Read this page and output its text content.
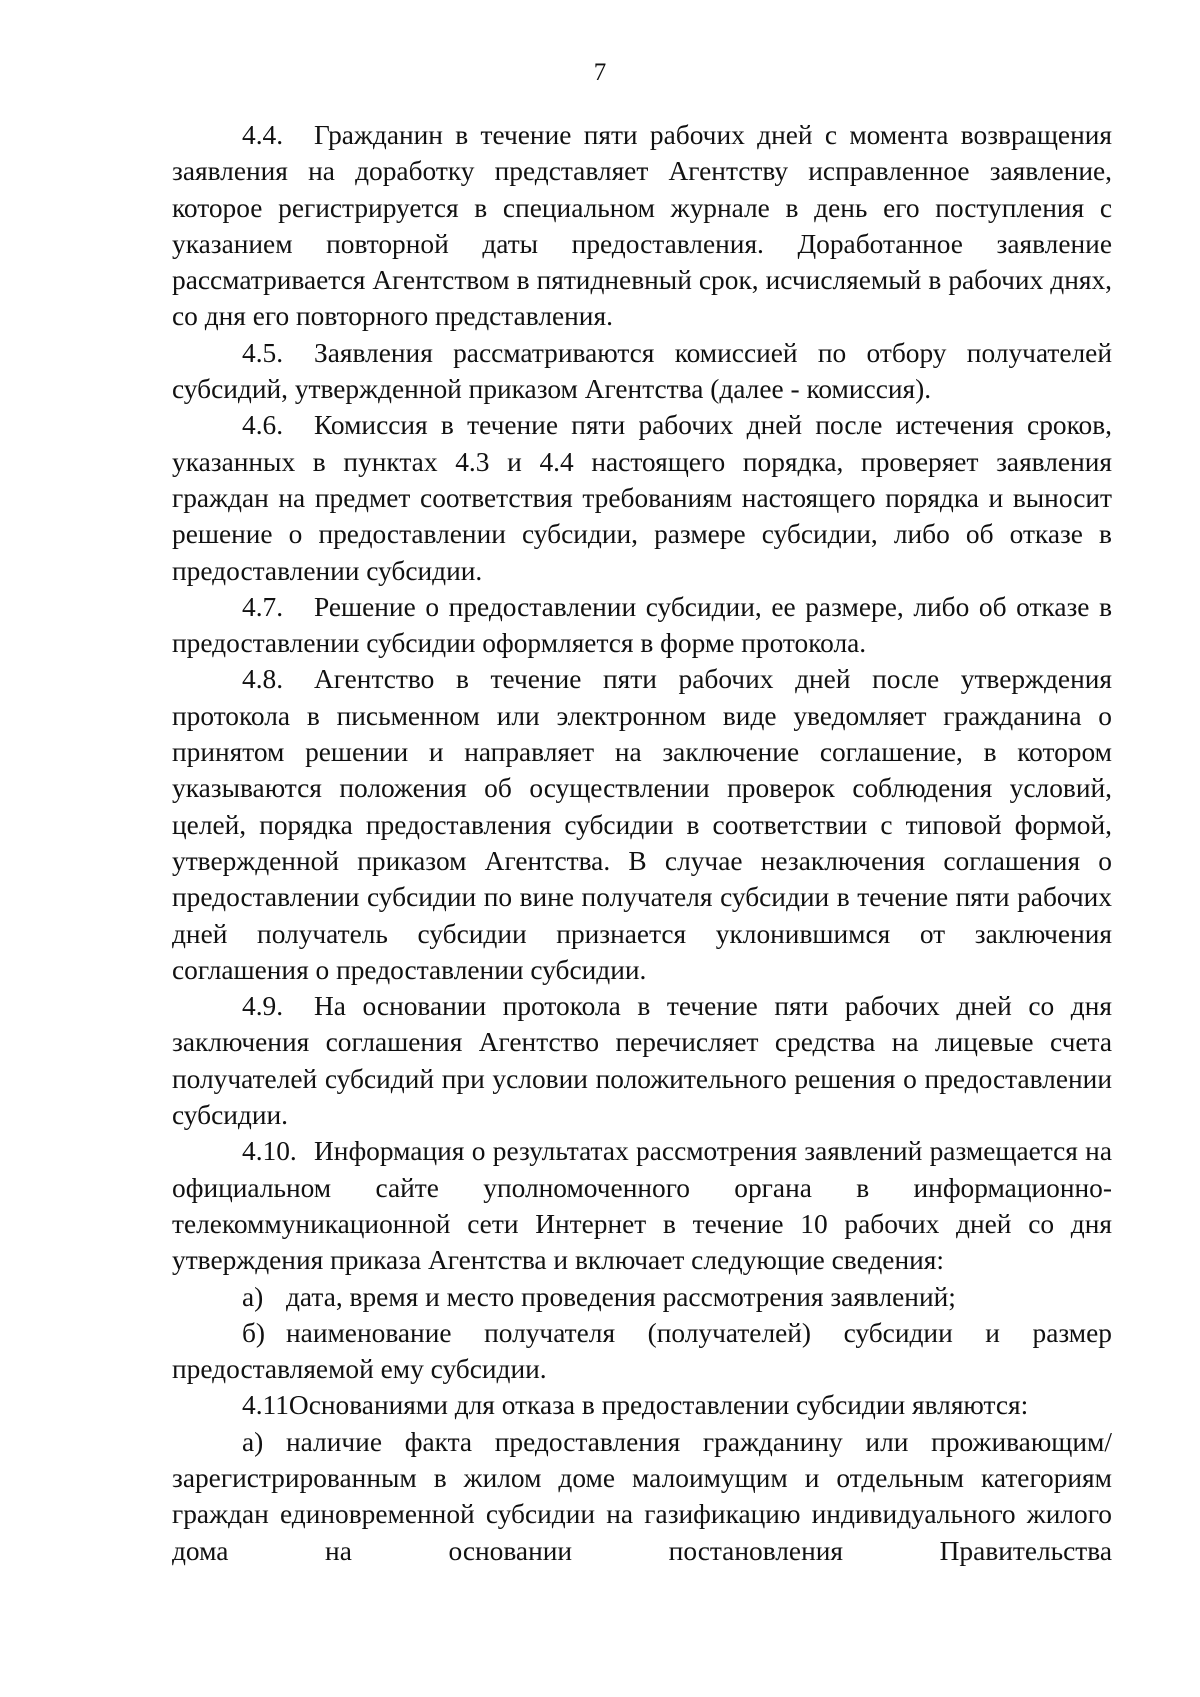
7

4.4. Гражданин в течение пяти рабочих дней с момента возвращения заявления на доработку представляет Агентству исправленное заявление, которое регистрируется в специальном журнале в день его поступления с указанием повторной даты предоставления. Доработанное заявление рассматривается Агентством в пятидневный срок, исчисляемый в рабочих днях, со дня его повторного представления.

4.5. Заявления рассматриваются комиссией по отбору получателей субсидий, утвержденной приказом Агентства (далее - комиссия).

4.6. Комиссия в течение пяти рабочих дней после истечения сроков, указанных в пунктах 4.3 и 4.4 настоящего порядка, проверяет заявления граждан на предмет соответствия требованиям настоящего порядка и выносит решение о предоставлении субсидии, размере субсидии, либо об отказе в предоставлении субсидии.

4.7. Решение о предоставлении субсидии, ее размере, либо об отказе в предоставлении субсидии оформляется в форме протокола.

4.8. Агентство в течение пяти рабочих дней после утверждения протокола в письменном или электронном виде уведомляет гражданина о принятом решении и направляет на заключение соглашение, в котором указываются положения об осуществлении проверок соблюдения условий, целей, порядка предоставления субсидии в соответствии с типовой формой, утвержденной приказом Агентства. В случае незаключения соглашения о предоставлении субсидии по вине получателя субсидии в течение пяти рабочих дней получатель субсидии признается уклонившимся от заключения соглашения о предоставлении субсидии.

4.9. На основании протокола в течение пяти рабочих дней со дня заключения соглашения Агентство перечисляет средства на лицевые счета получателей субсидий при условии положительного решения о предоставлении субсидии.

4.10. Информация о результатах рассмотрения заявлений размещается на официальном сайте уполномоченного органа в информационно-телекоммуникационной сети Интернет в течение 10 рабочих дней со дня утверждения приказа Агентства и включает следующие сведения:

а) дата, время и место проведения рассмотрения заявлений;

б) наименование получателя (получателей) субсидии и размер предоставляемой ему субсидии.

4.11Основаниями для отказа в предоставлении субсидии являются:

а) наличие факта предоставления гражданину или проживающим/зарегистрированным в жилом доме малоимущим и отдельным категориям граждан единовременной субсидии на газификацию индивидуального жилого дома на основании постановления Правительства
